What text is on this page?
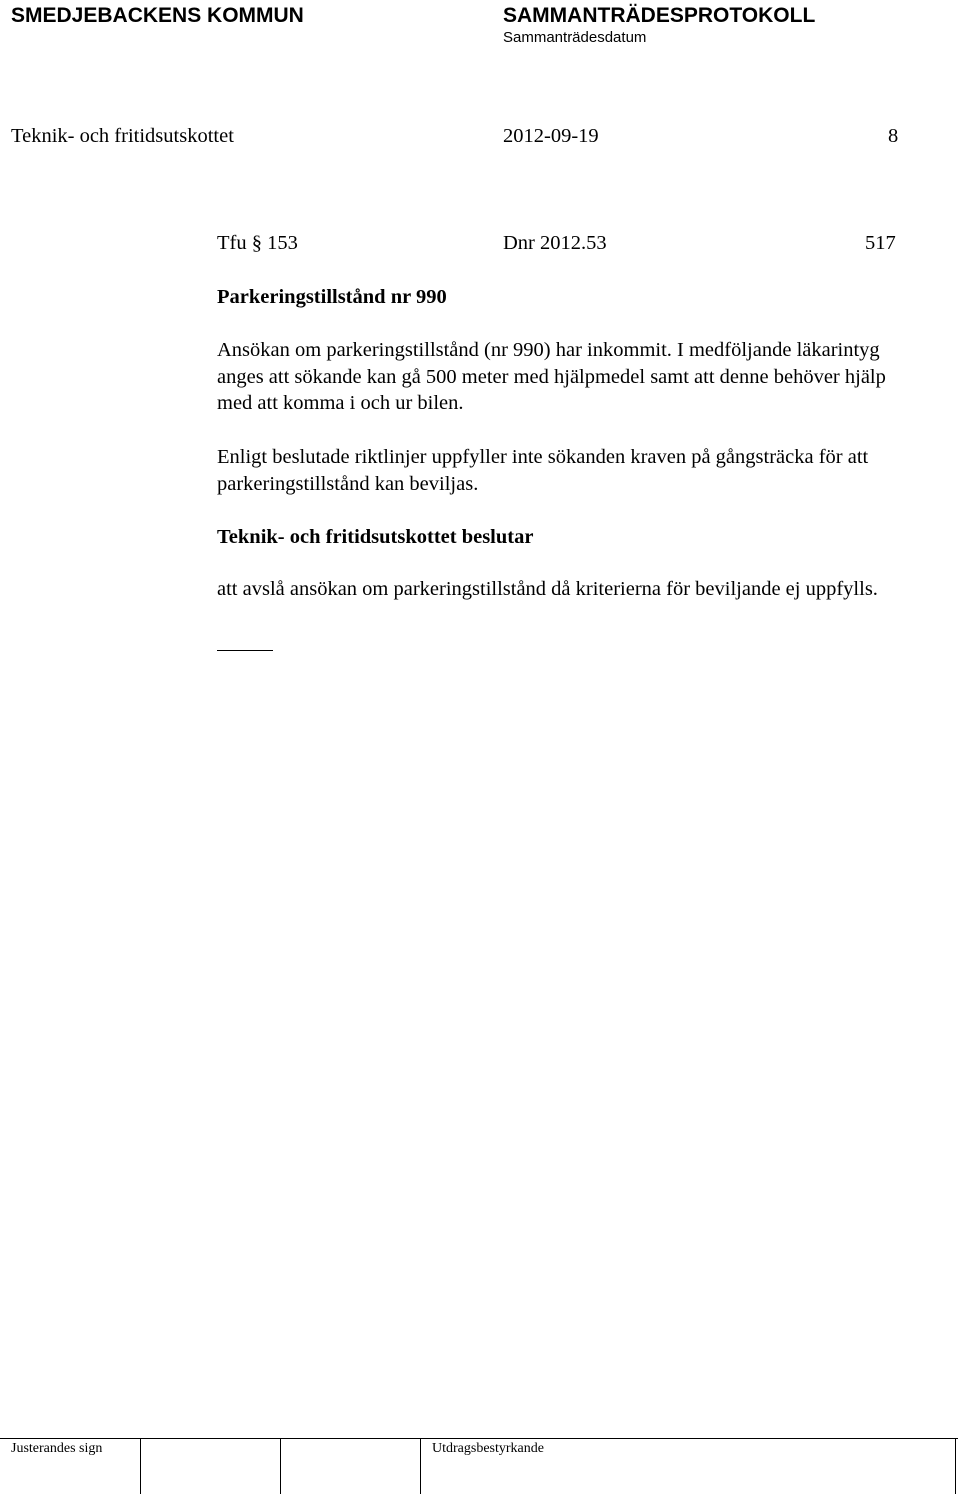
SMEDJEBACKENS KOMMUN	SAMMANTRÄDESPROTOKOLL
Sammanträdesdatum
Teknik- och fritidsutskottet	2012-09-19	8
Tfu § 153	Dnr 2012.53	517
Parkeringstillstånd nr 990
Ansökan om parkeringstillstånd (nr 990) har inkommit. I medföljande läkarintyg anges att sökande kan gå 500 meter med hjälpmedel samt att denne behöver hjälp med att komma i och ur bilen.
Enligt beslutade riktlinjer uppfyller inte sökanden kraven på gångsträcka för att parkeringstillstånd kan beviljas.
Teknik- och fritidsutskottet beslutar
att avslå ansökan om parkeringstillstånd då kriterierna för beviljande ej uppfylls.
Justerandes sign	Utdragsbestyrkande
